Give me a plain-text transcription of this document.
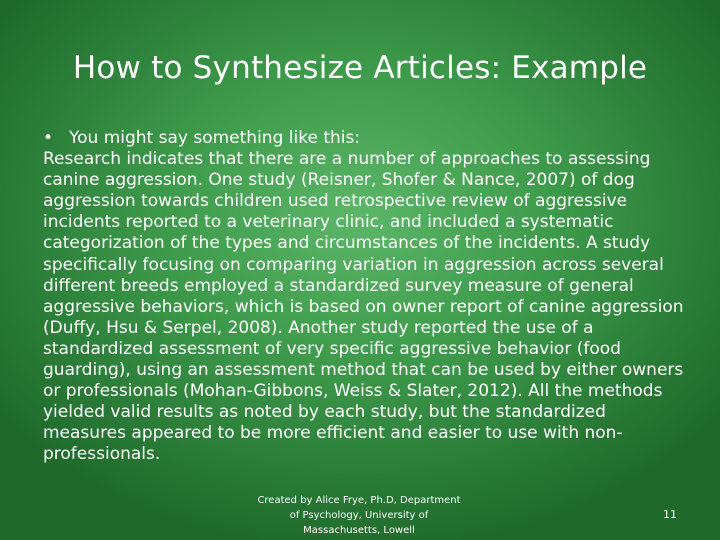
How to Synthesize Articles: Example
• You might say something like this:

Research indicates that there are a number of approaches to assessing canine aggression. One study (Reisner, Shofer & Nance, 2007) of dog aggression towards children used retrospective review of aggressive incidents reported to a veterinary clinic, and included a systematic categorization of the types and circumstances of the incidents. A study specifically focusing on comparing variation in aggression across several different breeds employed a standardized survey measure of general aggressive behaviors, which is based on owner report of canine aggression (Duffy, Hsu & Serpel, 2008). Another study reported the use of a standardized assessment of very specific aggressive behavior (food guarding), using an assessment method that can be used by either owners or professionals (Mohan-Gibbons, Weiss & Slater, 2012). All the methods yielded valid results as noted by each study, but the standardized measures appeared to be more efficient and easier to use with non-professionals.

Created by Alice Frye, Ph.D, Department of Psychology, University of Massachusetts, Lowell
11
